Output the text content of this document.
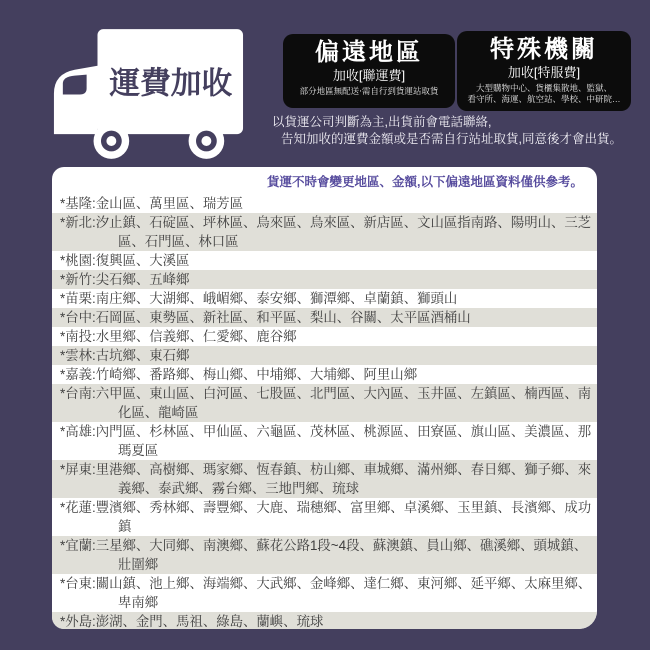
運費加收
偏遠地區
加收[聯運費]
部分地區無配送‧需自行到貨運站取貨
特殊機關
加收[特服費]
大型購物中心、貨櫃集散地、監獄、
看守所、海運、航空站、學校、中研院…
以貨運公司判斷為主,出貨前會電話聯絡,
告知加收的運費金額或是否需自行站址取貨,同意後才會出貨。
貨運不時會變更地區、金額,以下偏遠地區資料僅供參考。
*基隆:金山區、萬里區、瑞芳區
*新北:汐止鎮、石碇區、坪林區、烏來區、烏來區、新店區、文山區指南路、陽明山、三芝區、石門區、林口區
*桃園:復興區、大溪區
*新竹:尖石鄉、五峰鄉
*苗栗:南庄鄉、大湖鄉、峨嵋鄉、泰安鄉、獅潭鄉、卓蘭鎮、獅頭山
*台中:石岡區、東勢區、新社區、和平區、梨山、谷關、太平區酒桶山
*南投:水里鄉、信義鄉、仁愛鄉、鹿谷鄉
*雲林:古坑鄉、東石鄉
*嘉義:竹崎鄉、番路鄉、梅山鄉、中埔鄉、大埔鄉、阿里山鄉
*台南:六甲區、東山區、白河區、七股區、北門區、大內區、玉井區、左鎮區、楠西區、南化區、龍崎區
*高雄:內門區、杉林區、甲仙區、六龜區、茂林區、桃源區、田寮區、旗山區、美濃區、那瑪夏區
*屏東:里港鄉、高樹鄉、瑪家鄉、恆春鎮、枋山鄉、車城鄉、滿州鄉、春日鄉、獅子鄉、來義鄉、泰武鄉、霧台鄉、三地門鄉、琉球
*花蓮:豐濱鄉、秀林鄉、壽豐鄉、大鹿、瑞穗鄉、富里鄉、卓溪鄉、玉里鎮、長濱鄉、成功鎮
*宜蘭:三星鄉、大同鄉、南澳鄉、蘇花公路1段~4段、蘇澳鎮、員山鄉、礁溪鄉、頭城鎮、壯圍鄉
*台東:關山鎮、池上鄉、海端鄉、大武鄉、金峰鄉、達仁鄉、東河鄉、延平鄉、太麻里鄉、卑南鄉
*外島:澎湖、金門、馬祖、綠島、蘭嶼、琉球
